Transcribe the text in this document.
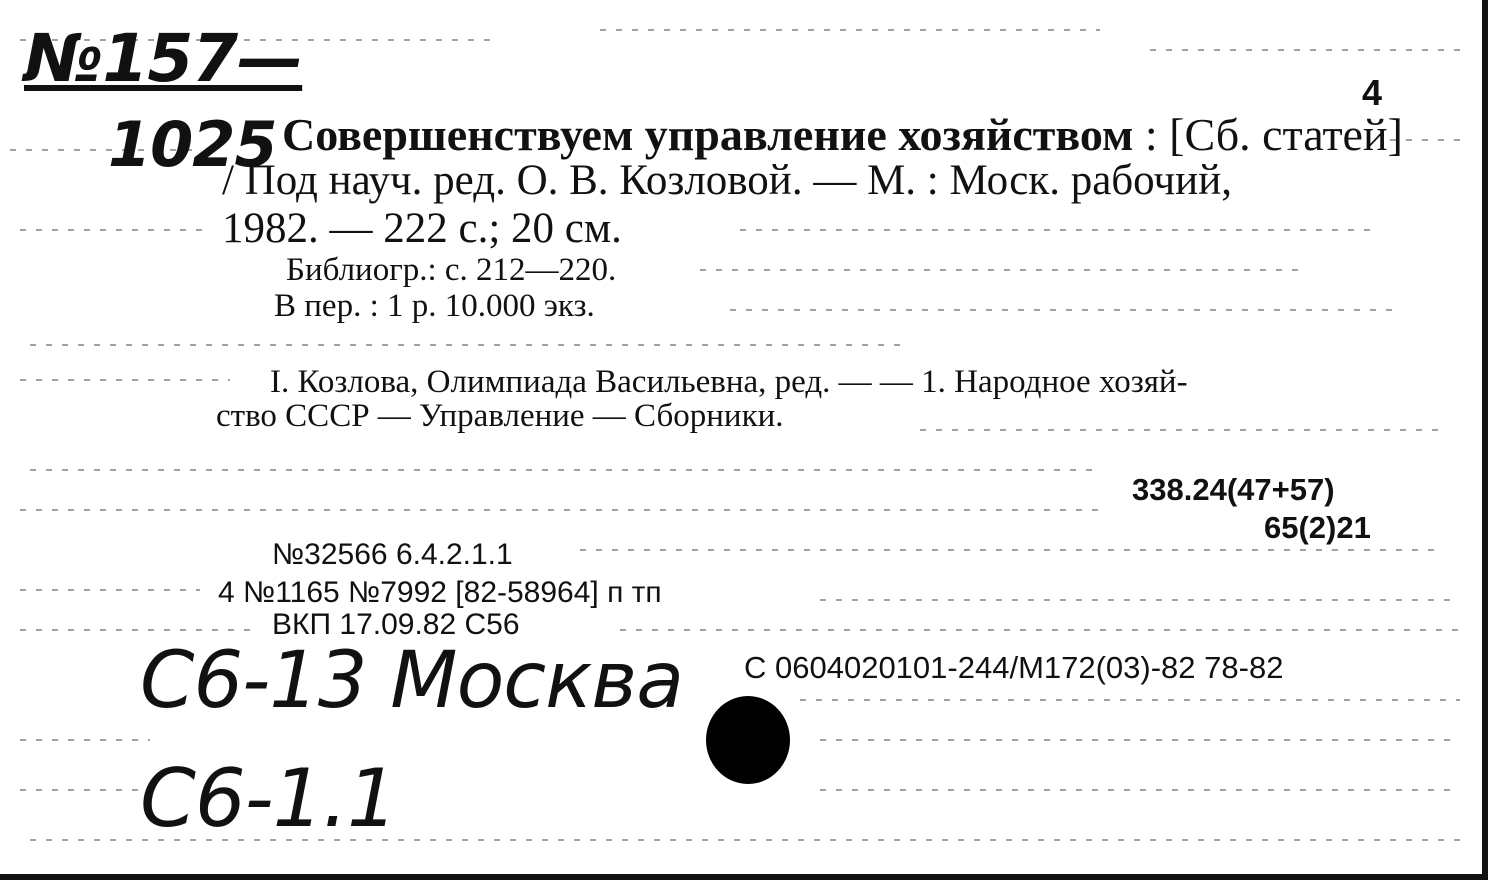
№157—
1025
4
Совершенствуем управление хозяйством : [Сб. статей]
/ Под науч. ред. О. В. Козловой. — М. : Моск. рабочий,
1982. — 222 с.; 20 см.
Библиогр.: с. 212—220.
В пер. : 1 р. 10.000 экз.
I. Козлова, Олимпиада Васильевна, ред. — — 1. Народное хозяй-
ство СССР — Управление — Сборники.
338.24(47+57)
65(2)21
№32566 6.4.2.1.1
4 №1165 №7992 [82-58964] п тп
ВКП 17.09.82 С56
С 0604020101-244/М172(03)-82 78-82
С6-13 Москва
С6-1.1
